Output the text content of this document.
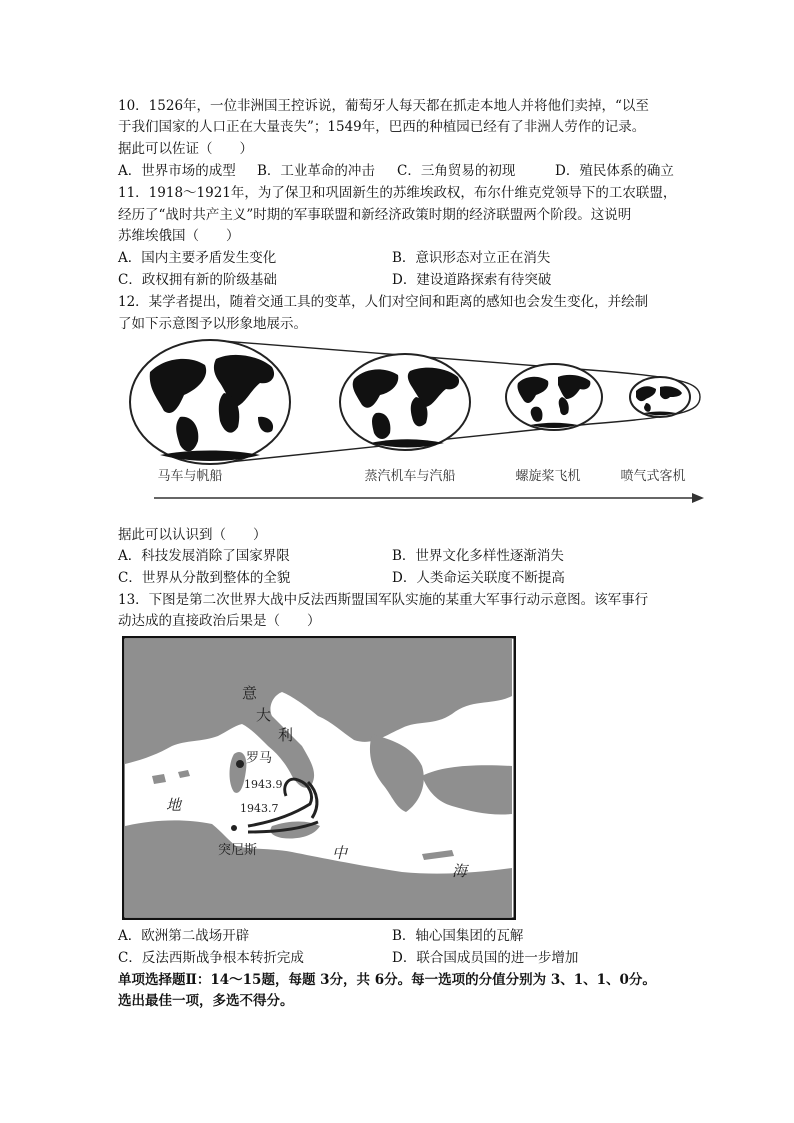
10．1526年，一位非洲国王控诉说，葡萄牙人每天都在抓走本地人并将他们卖掉，“以至
于我们国家的人口正在大量丧失”；1549年，巴西的种植园已经有了非洲人劳作的记录。
据此可以佐证（　　）
A．世界市场的成型 B．工业革命的冲击 C．三角贸易的初现	D．殖民体系的确立
11．1918～1921年，为了保卫和巩固新生的苏维埃政权，布尔什维克党领导下的工农联盟，
经历了“战时共产主义”时期的军事联盟和新经济政策时期的经济联盟两个阶段。这说明
苏维埃俄国（　　）
A．国内主要矛盾发生变化	B．意识形态对立正在消失
C．政权拥有新的阶级基础	D．建设道路探索有待突破
12．某学者提出，随着交通工具的变革，人们对空间和距离的感知也会发生变化，并绘制
了如下示意图予以形象地展示。
马车与帆船	蒸汽机车与汽船	螺旋桨飞机	喷气式客机
据此可以认识到（　　）
A．科技发展消除了国家界限	B．世界文化多样性逐渐消失
C．世界从分散到整体的全貌	D．人类命运关联度不断提高
13．下图是第二次世界大战中反法西斯盟国军队实施的某重大军事行动示意图。该军事行
动达成的直接政治后果是（　　）
意
大
利
罗马
1943.9
1943.7
地
中
海
突尼斯
A．欧洲第二战场开辟	B．轴心国集团的瓦解
C．反法西斯战争根本转折完成	D．联合国成员国的进一步增加
单项选择题Ⅱ：14～15题，每题 3分，共 6分。每一选项的分值分别为 3、1、1、0分。
选出最佳一项，多选不得分。
